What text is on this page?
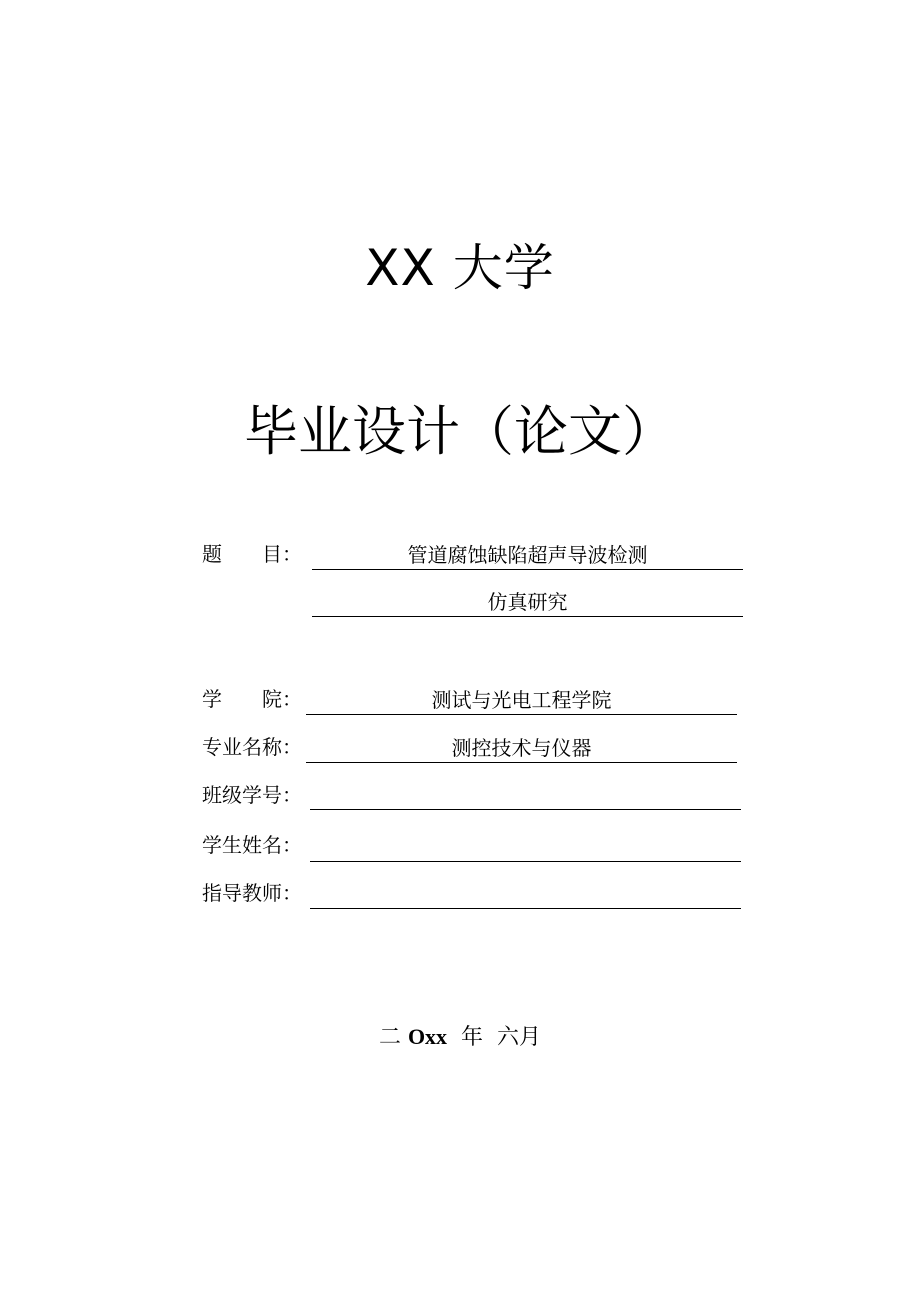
XX 大学
毕业设计（论文）
题　　目：	管道腐蚀缺陷超声导波检测
仿真研究
学　　院：	测试与光电工程学院
专业名称：	测控技术与仪器
班级学号：
学生姓名：
指导教师：
二 Oxx  年  六月
